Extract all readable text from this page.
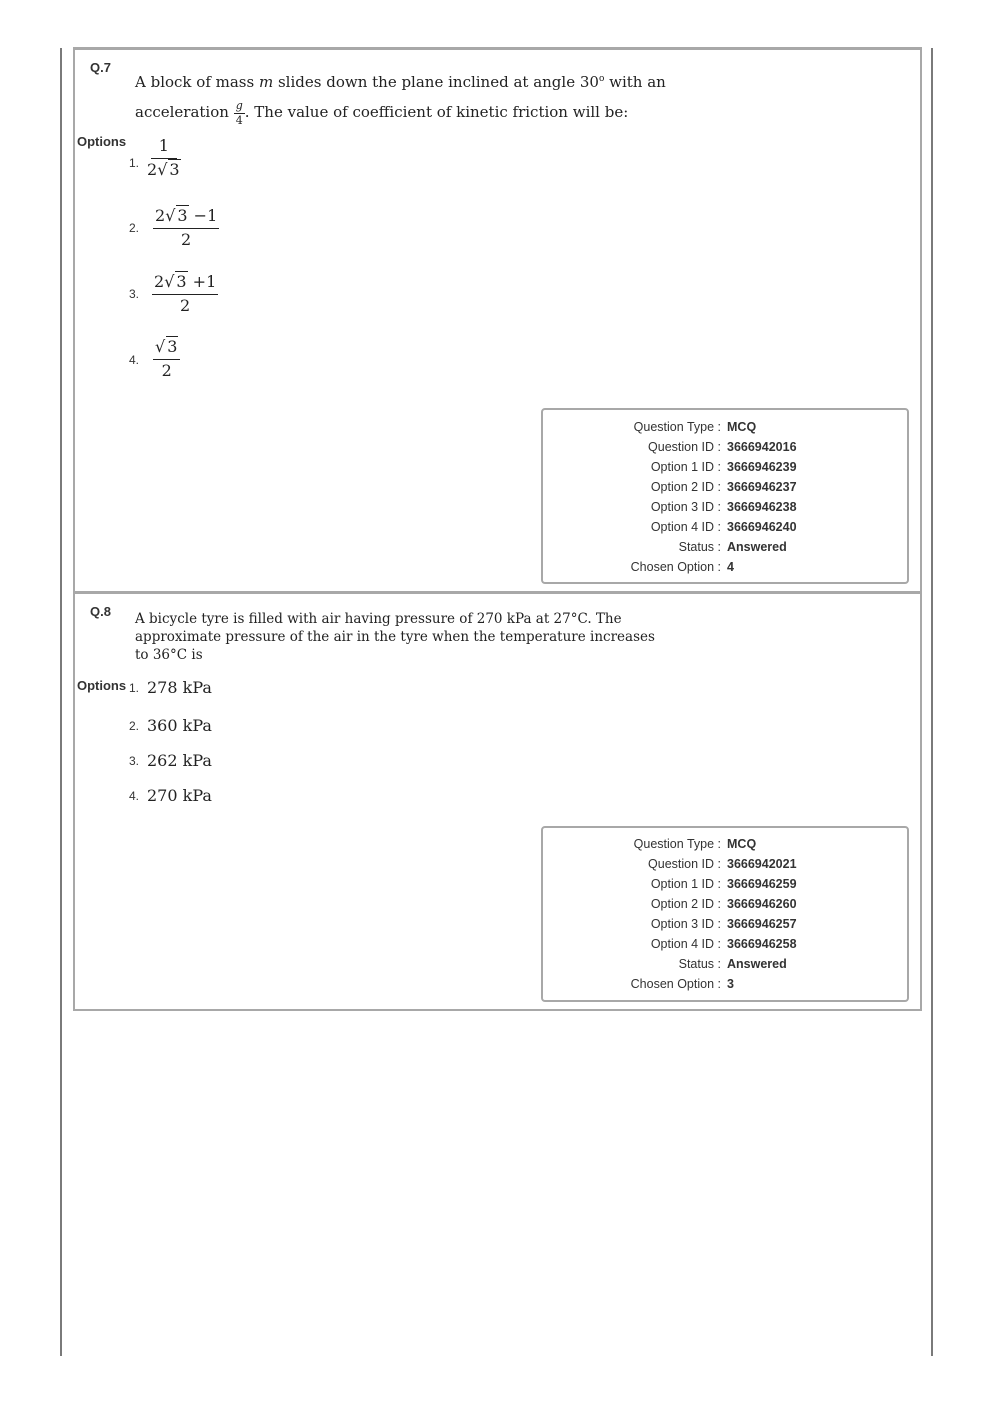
Q.7
A block of mass m slides down the plane inclined at angle 30$^o$ with an
acceleration $\frac{g}{4}$ . The value of coefficient of kinetic friction will be:
Options
1. $\frac{1}{2√ 3}$
2. $\frac{2√ 3 -1}{2}$
3. $\frac{2√ 3 +1}{2}$
4. $\frac{√ 3}{2}$
Question Type : MCQ
Question ID : 3666942016
Option 1 ID : 3666946239
Option 2 ID : 3666946237
Option 3 ID : 3666946238
Option 4 ID : 3666946240
Status : Answered
Chosen Option : 4
Q.8 A bicycle tyre is filled with air having pressure of 270 kPa at 27°C. The
approximate pressure of the air in the tyre when the temperature increases
to 36°C is
Options 1. 278 kPa
2. 360 kPa
3. 262 kPa
4. 270 kPa
Question Type : MCQ
Question ID : 3666942021
Option 1 ID : 3666946259
Option 2 ID : 3666946260
Option 3 ID : 3666946257
Option 4 ID : 3666946258
Status : Answered
Chosen Option : 3
